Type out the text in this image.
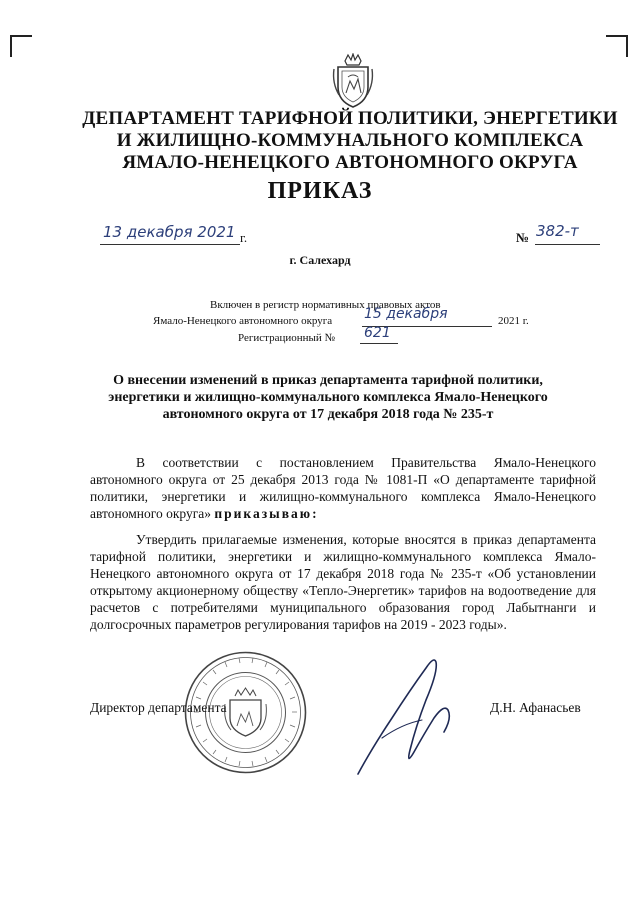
ДЕПАРТАМЕНТ ТАРИФНОЙ ПОЛИТИКИ, ЭНЕРГЕТИКИ
И ЖИЛИЩНО-КОММУНАЛЬНОГО КОМПЛЕКСА
ЯМАЛО-НЕНЕЦКОГО АВТОНОМНОГО ОКРУГА
ПРИКАЗ
13 декабря 2021 г.	№ 382-т
г. Салехард
Включен в регистр нормативных правовых актов
Ямало-Ненецкого автономного округа 15 декабря	2021 г.
Регистрационный № 621
О внесении изменений в приказ департамента тарифной политики,
энергетики и жилищно-коммунального комплекса Ямало-Ненецкого
автономного округа от 17 декабря 2018 года № 235-т
В соответствии с постановлением Правительства Ямало-Ненецкого автономного округа от 25 декабря 2013 года № 1081-П «О департаменте тарифной политики, энергетики и жилищно-коммунального комплекса Ямало-Ненецкого автономного округа» приказываю:
Утвердить прилагаемые изменения, которые вносятся в приказ департамента тарифной политики, энергетики и жилищно-коммунального комплекса Ямало-Ненецкого автономного округа от 17 декабря 2018 года № 235-т «Об установлении открытому акционерному обществу «Тепло-Энергетик» тарифов на водоотведение для расчетов с потребителями муниципального образования город Лабытнанги и долгосрочных параметров регулирования тарифов на 2019 - 2023 годы».
Директор департамента	Д.Н. Афанасьев
